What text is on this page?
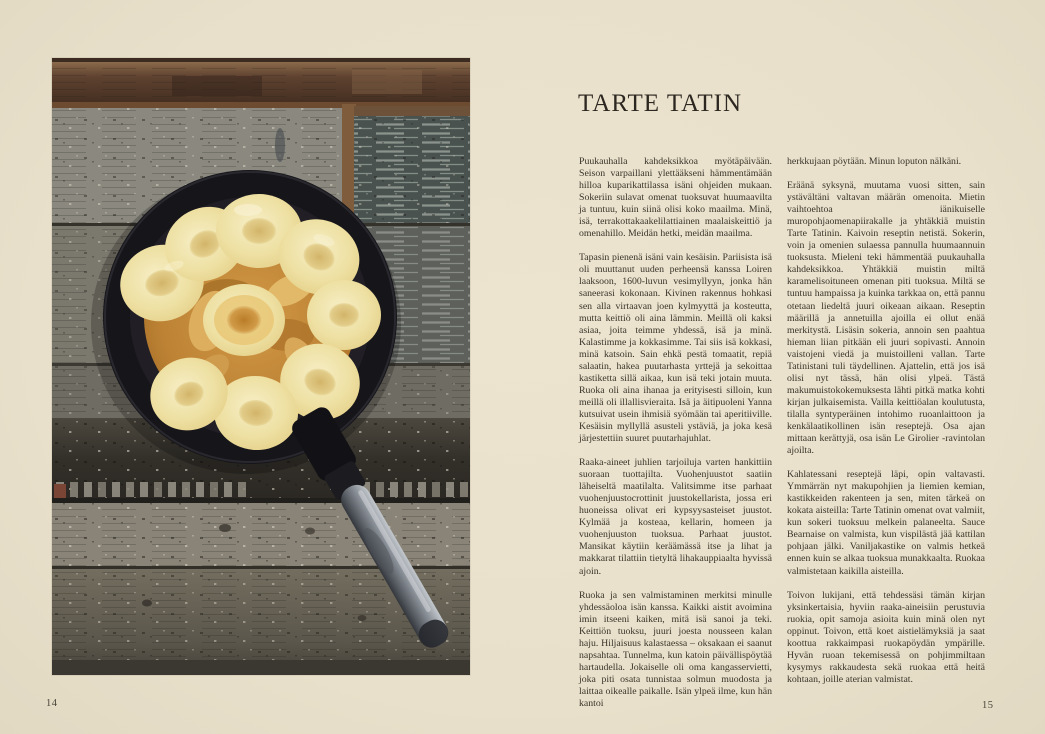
14	15
TARTE TATIN

Puukauhalla kahdeksikkoa myötäpäivään. Seison varpaillani ylettääkseni hämmentämään hilloa kuparikattilassa isäni ohjeiden mukaan. Sokeriin sulavat omenat tuoksuvat huumaavilta ja tuntuu, kuin siinä olisi koko maailma. Minä, isä, terrakottakaakelilattiainen maalaiskeittiö ja omenahillo. Meidän hetki, meidän maailma.

Tapasin pienenä isäni vain kesäisin. Pariisista isä oli muuttanut uuden perheensä kanssa Loiren laaksoon, 1600-luvun vesimyllyyn, jonka hän saneerasi kokonaan. Kivinen rakennus hohkasi sen alla virtaavan joen kylmyyttä ja kosteutta, mutta keittiö oli aina lämmin. Meillä oli kaksi asiaa, joita teimme yhdessä, isä ja minä. Kalastimme ja kokkasimme. Tai siis isä kokkasi, minä katsoin. Sain ehkä pestä tomaatit, repiä salaatin, hakea puutarhasta yrttejä ja sekoittaa kastiketta sillä aikaa, kun isä teki jotain muuta. Ruoka oli aina ihanaa ja erityisesti silloin, kun meillä oli illallisvieraita. Isä ja äitipuoleni Yanna kutsuivat usein ihmisiä syömään tai aperitiiville. Kesäisin myllyllä asusteli ystäviä, ja joka kesä järjestettiin suuret puutarhajuhlat.

Raaka-aineet juhlien tarjoiluja varten hankittiin suoraan tuottajilta. Vuohenjuustot saatiin läheiseltä maatilalta. Valitsimme itse parhaat vuohenjuustocrottinit juustokellarista, jossa eri huoneissa olivat eri kypsyysasteiset juustot. Kylmää ja kosteaa, kellarin, homeen ja vuohenjuuston tuoksua. Parhaat juustot. Mansikat käytiin keräämässä itse ja lihat ja makkarat tilattiin tietyltä lihakauppiaalta hyvissä ajoin.

Ruoka ja sen valmistaminen merkitsi minulle yhdessäoloa isän kanssa. Kaikki aistit avoimina imin itseeni kaiken, mitä isä sanoi ja teki. Keittiön tuoksu, juuri joesta nousseen kalan haju. Hiljaisuus kalastaessa – oksakaan ei saanut napsahtaa. Tunnelma, kun katoin päivällispöytää hartaudella. Jokaiselle oli oma kangasservietti, joka piti osata tunnistaa solmun muodosta ja laittaa oikealle paikalle. Isän ylpeä ilme, kun hän kantoi

herkkujaan pöytään. Minun loputon nälkäni.

Eräänä syksynä, muutama vuosi sitten, sain ystävältäni valtavan määrän omenoita. Mietin vaihtoehtoa iänikuiselle muropohjaomenapiirakalle ja yhtäkkiä muistin Tarte Tatinin. Kaivoin reseptin netistä. Sokerin, voin ja omenien sulaessa pannulla huumaannuin tuoksusta. Mieleni teki hämmentää puukauhalla kahdeksikkoa. Yhtäkkiä muistin miltä karamelisoituneen omenan piti tuoksua. Miltä se tuntuu hampaissa ja kuinka tarkkaa on, että pannu otetaan liedeltä juuri oikeaan aikaan. Reseptin määrillä ja annetuilla ajoilla ei ollut enää merkitystä. Lisäsin sokeria, annoin sen paahtua hieman liian pitkään eli juuri sopivasti. Annoin vaistojeni viedä ja muistoilleni vallan. Tarte Tatinistani tuli täydellinen. Ajattelin, että jos isä olisi nyt tässä, hän olisi ylpeä. Tästä makumuistokokemuksesta lähti pitkä matka kohti kirjan julkaisemista. Vailla keittiöalan koulutusta, tilalla syntyperäinen intohimo ruoanlaittoon ja kenkälaatikollinen isän reseptejä. Osa ajan mittaan kerättyjä, osa isän Le Girolier -ravintolan ajoilta.

Kahlatessani reseptejä läpi, opin valtavasti. Ymmärrän nyt makupohjien ja liemien kemian, kastikkeiden rakenteen ja sen, miten tärkeä on kokata aisteilla: Tarte Tatinin omenat ovat valmiit, kun sokeri tuoksuu melkein palaneelta. Sauce Bearnaise on valmista, kun vispilästä jää kattilan pohjaan jälki. Vaniljakastike on valmis hetkeä ennen kuin se alkaa tuoksua munakkaalta. Ruokaa valmistetaan kaikilla aisteilla.

Toivon lukijani, että tehdessäsi tämän kirjan yksinkertaisia, hyviin raaka-aineisiin perustuvia ruokia, opit samoja asioita kuin minä olen nyt oppinut. Toivon, että koet aistielämyksiä ja saat koottua rakkaimpasi ruokapöydän ympärille. Hyvän ruoan tekemisessä on pohjimmiltaan kysymys rakkaudesta sekä ruokaa että heitä kohtaan, joille aterian valmistat.
